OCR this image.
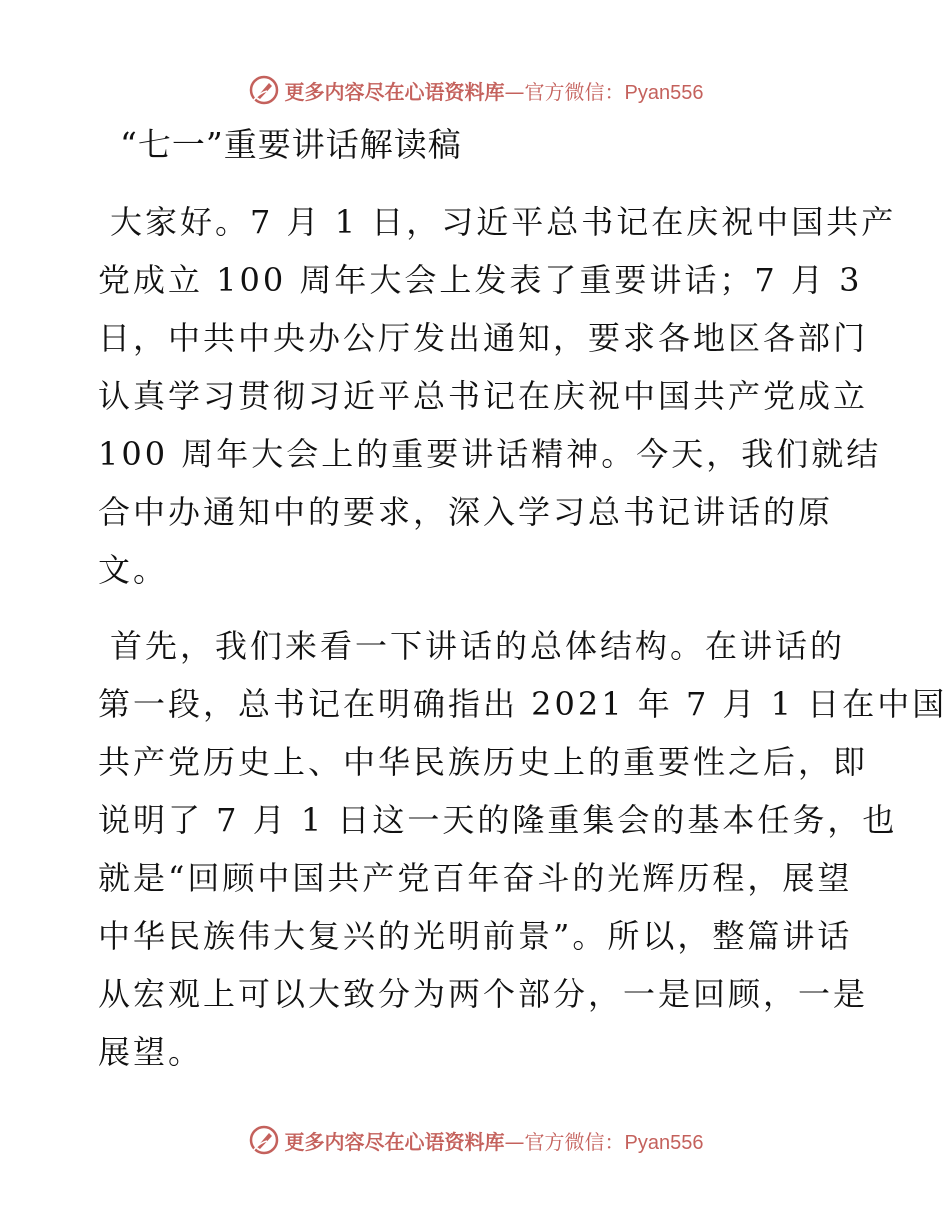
更多内容尽在心语资料库—官方微信：Pyan556
“七一”重要讲话解读稿
大家好。7 月 1 日，习近平总书记在庆祝中国共产
党成立 100 周年大会上发表了重要讲话；7 月 3
日，中共中央办公厅发出通知，要求各地区各部门
认真学习贯彻习近平总书记在庆祝中国共产党成立
100 周年大会上的重要讲话精神。今天，我们就结
合中办通知中的要求，深入学习总书记讲话的原
文。
首先，我们来看一下讲话的总体结构。在讲话的
第一段，总书记在明确指出 2021 年 7 月 1 日在中国
共产党历史上、中华民族历史上的重要性之后，即
说明了 7 月 1 日这一天的隆重集会的基本任务，也
就是“回顾中国共产党百年奋斗的光辉历程，展望
中华民族伟大复兴的光明前景”。所以，整篇讲话
从宏观上可以大致分为两个部分，一是回顾，一是
展望。
更多内容尽在心语资料库—官方微信：Pyan556
